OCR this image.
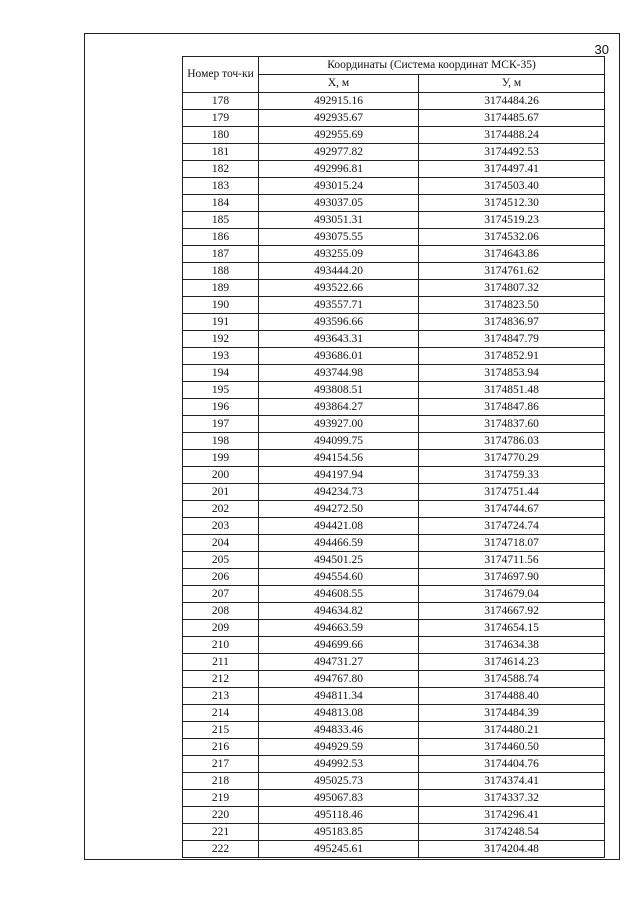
30
Номер точ-ки	Координаты (Система координат МСК-35)	
	X, м	У, м
178	492915.16	3174484.26
179	492935.67	3174485.67
180	492955.69	3174488.24
181	492977.82	3174492.53
182	492996.81	3174497.41
183	493015.24	3174503.40
184	493037.05	3174512.30
185	493051.31	3174519.23
186	493075.55	3174532.06
187	493255.09	3174643.86
188	493444.20	3174761.62
189	493522.66	3174807.32
190	493557.71	3174823.50
191	493596.66	3174836.97
192	493643.31	3174847.79
193	493686.01	3174852.91
194	493744.98	3174853.94
195	493808.51	3174851.48
196	493864.27	3174847.86
197	493927.00	3174837.60
198	494099.75	3174786.03
199	494154.56	3174770.29
200	494197.94	3174759.33
201	494234.73	3174751.44
202	494272.50	3174744.67
203	494421.08	3174724.74
204	494466.59	3174718.07
205	494501.25	3174711.56
206	494554.60	3174697.90
207	494608.55	3174679.04
208	494634.82	3174667.92
209	494663.59	3174654.15
210	494699.66	3174634.38
211	494731.27	3174614.23
212	494767.80	3174588.74
213	494811.34	3174488.40
214	494813.08	3174484.39
215	494833.46	3174480.21
216	494929.59	3174460.50
217	494992.53	3174404.76
218	495025.73	3174374.41
219	495067.83	3174337.32
220	495118.46	3174296.41
221	495183.85	3174248.54
222	495245.61	3174204.48
